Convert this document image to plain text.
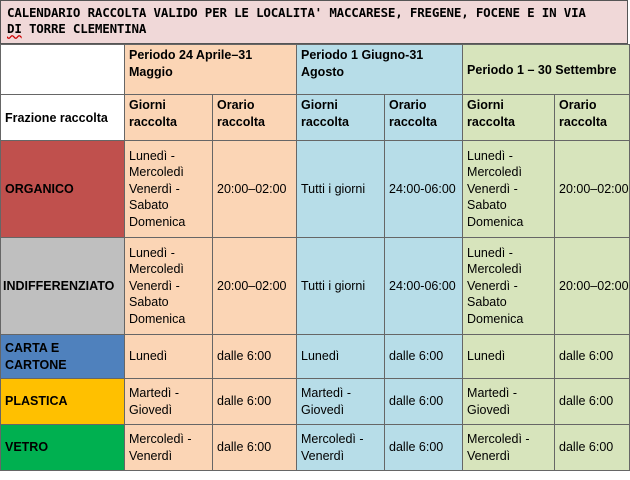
CALENDARIO RACCOLTA VALIDO PER LE LOCALITA' MACCARESE, FREGENE, FOCENE E IN VIA
DI TORRE CLEMENTINA
	Periodo 24 Aprile–31 Maggio		Periodo 1 Giugno-31 Agosto		Periodo 1 – 30 Settembre	
Frazione raccolta	Giorni raccolta	Orario raccolta	Giorni raccolta	Orario raccolta	Giorni raccolta	Orario raccolta
ORGANICO	Lunedì - Mercoledì Venerdì - Sabato Domenica	20:00–02:00	Tutti i giorni	24:00-06:00	Lunedì - Mercoledì Venerdì - Sabato Domenica	20:00–02:00
INDIFFERENZIATO	Lunedì - Mercoledì Venerdì - Sabato Domenica	20:00–02:00	Tutti i giorni	24:00-06:00	Lunedì - Mercoledì Venerdì - Sabato Domenica	20:00–02:00
CARTA E CARTONE	Lunedì	dalle 6:00	Lunedì	dalle 6:00	Lunedì	dalle 6:00
PLASTICA	Martedì - Giovedì	dalle 6:00	Martedì - Giovedì	dalle 6:00	Martedì - Giovedì	dalle 6:00
VETRO	Mercoledì - Venerdì	dalle 6:00	Mercoledì - Venerdì	dalle 6:00	Mercoledì - Venerdì	dalle 6:00
